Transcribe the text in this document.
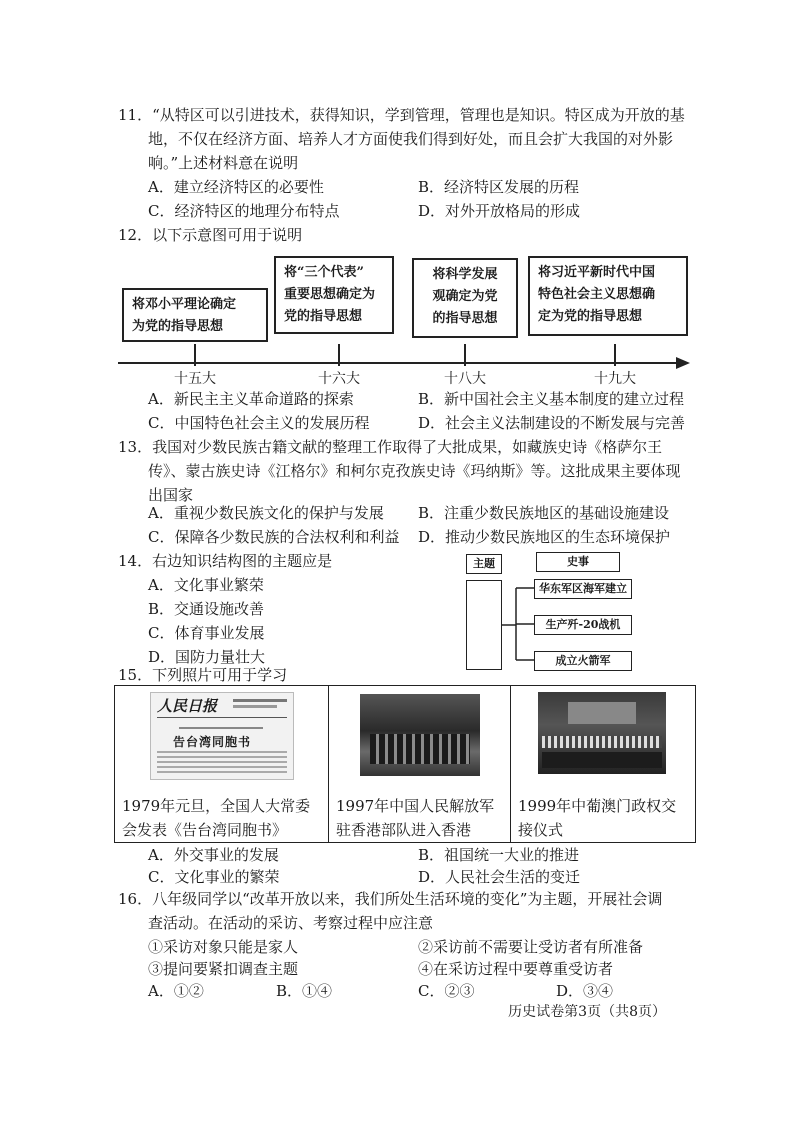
11．“从特区可以引进技术，获得知识，学到管理，管理也是知识。特区成为开放的基
地，不仅在经济方面、培养人才方面使我们得到好处，而且会扩大我国的对外影
响。”上述材料意在说明
A．建立经济特区的必要性	B．经济特区发展的历程
C．经济特区的地理分布特点	D．对外开放格局的形成
12．以下示意图可用于说明
将邓小平理论确定
为党的指导思想
将“三个代表”
重要思想确定为
党的指导思想
将科学发展
观确定为党
的指导思想
将习近平新时代中国
特色社会主义思想确
定为党的指导思想
十五大	十六大	十八大	十九大
A．新民主主义革命道路的探索	B．新中国社会主义基本制度的建立过程
C．中国特色社会主义的发展历程	D．社会主义法制建设的不断发展与完善
13．我国对少数民族古籍文献的整理工作取得了大批成果，如藏族史诗《格萨尔王
传》、蒙古族史诗《江格尔》和柯尔克孜族史诗《玛纳斯》等。这批成果主要体现
出国家
A．重视少数民族文化的保护与发展 B．注重少数民族地区的基础设施建设
C．保障各少数民族的合法权利和利益 D．推动少数民族地区的生态环境保护
14．右边知识结构图的主题应是
A．文化事业繁荣
B．交通设施改善
C．体育事业发展
D．国防力量壮大
主题	史事
华东军区海军建立
生产歼-20战机
成立火箭军
15．下列照片可用于学习
人民日报
告台湾同胞书
1979年元旦，全国人大常委
会发表《告台湾同胞书》
1997年中国人民解放军
驻香港部队进入香港
1999年中葡澳门政权交
接仪式
A．外交事业的发展	B．祖国统一大业的推进
C．文化事业的繁荣	D．人民社会生活的变迁
16．八年级同学以“改革开放以来，我们所处生活环境的变化”为主题，开展社会调
查活动。在活动的采访、考察过程中应注意
①采访对象只能是家人	②采访前不需要让受访者有所准备
③提问要紧扣调查主题	④在采访过程中要尊重受访者
A．①②	B．①④	C．②③	D．③④
历史试卷第3页（共8页）
